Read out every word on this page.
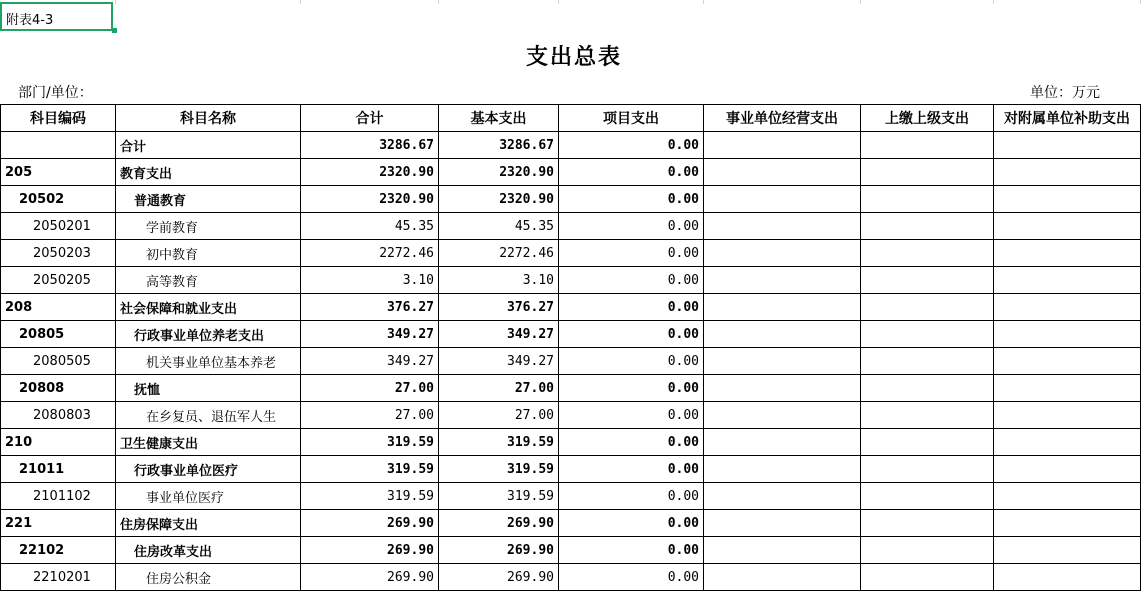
附表4-3
支出总表
部门/单位：	单位：万元
科目编码	科目名称	合计	基本支出	项目支出	事业单位经营支出	上缴上级支出	对附属单位补助支出
	合计	3286.67	3286.67	0.00			
205	教育支出	2320.90	2320.90	0.00			
20502	普通教育	2320.90	2320.90	0.00			
2050201	学前教育	45.35	45.35	0.00			
2050203	初中教育	2272.46	2272.46	0.00			
2050205	高等教育	3.10	3.10	0.00			
208	社会保障和就业支出	376.27	376.27	0.00			
20805	行政事业单位养老支出	349.27	349.27	0.00			
2080505	机关事业单位基本养老	349.27	349.27	0.00			
20808	抚恤	27.00	27.00	0.00			
2080803	在乡复员、退伍军人生	27.00	27.00	0.00			
210	卫生健康支出	319.59	319.59	0.00			
21011	行政事业单位医疗	319.59	319.59	0.00			
2101102	事业单位医疗	319.59	319.59	0.00			
221	住房保障支出	269.90	269.90	0.00			
22102	住房改革支出	269.90	269.90	0.00			
2210201	住房公积金	269.90	269.90	0.00			
